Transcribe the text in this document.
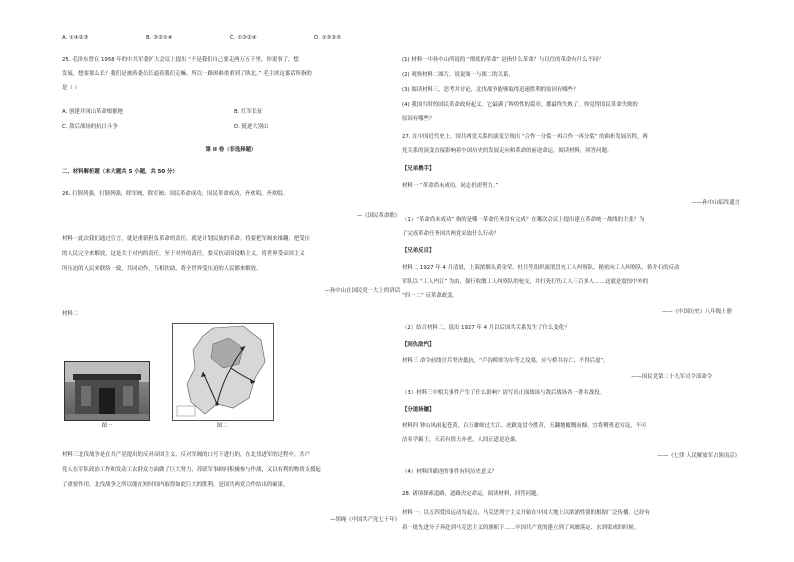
A. ①④②③	B. ③②①④	C. ①③②④	D. ①③②⑤
25. 毛泽东曾在 1958 年的中共军委扩大会议上提出 “不是我们自己要走两万五千里，你说事了，想
发展，想要那么长？我们是被蒋委员长逼着我们走嘛，所以一路困难重重到了陕北。” 毛主席这番话所指的
是（ ）
A. 创建井冈山革命根据地	B. 红军长征
C. 敌后战场的抗日斗争	D. 挺进大别山
第 II 卷（非选择题）
二、材料解析题（本大题共 5 小题，共 50 分）
26. 打倒列强，打倒列强，除军阀，除军阀；国民革命成功，国民革命成功，齐欢唱，齐欢唱。
—《国民革命歌》
材料一此次我们通过宣言，就是重新担负革命的责任，就是计划民族的革命。将要把军阀来推翻，把受压
的人民完全来解放，这是关于对内的责任。至于对外的责任，要反抗帝国侵略主义，将世界受帝国主义
所压迫的人民来联络一致，共同动作，互相扶助，将全世界受压迫的人民都来解放。
—孙中山在国民党一大上的讲话
材料二
图一	图二
材料三北伐战争是在共产党提出的反对帝国主义、反对军阀的口号下进行的，在北伐进军的过程中，共产
党人在军队政治工作和发动工农群众方面做了巨大努力，苏联军事顾问积极参与作战，又以有利的物资支援起
了重要作用。北伐战争之所以能在短时间内取得如此巨大的胜利，是国共两党合作结出的硕果。
—胡绳《中国共产党七十年》
(1) 材料一中孙中山所说的 “彻底的革命” 是指什么革命？与以往的革命有什么不同？
(2) 观察材料二图片，说说图一与图二的关系。
(3) 阅读材料三，思考并讨论，北伐战争能够取得迅速胜利的原因有哪些？
(4) 我国当时的国民革命政府起义，它最满了辉煌性的篇章，都最终失败了。你觉得国民革命失败的
原因有哪些？
27. 在中国近代史上，国共两党关系的演变呈现出 “合作一分裂一再合作一再分裂” 的曲折发展历程，两
党关系的演变直接影响着中国历史的发展走向和革命的前途命运。阅读材料，回答问题。
【兄弟携手】
材料一 “革命尚未成功，同志仍需努力。”
——孙中山临终遗言
（1）“革命尚未成功” 指的是哪一革命任务没有完成？在哪次会议上提出建立革命统一战线的主张？为
了完成革命任务国共两党采取什么行动？
【兄弟反目】
材料二 1927 年 4 月清晨，上海浓烟头黄金荣、杜月笙组织流氓冒充工人纠察队，秘密向工人纠察队，蒋介石的反动
军队以 “工人内讧” 为由，强行收缴工人纠察队的枪支，并打死打伤工人三百多人……这就是震惊中外的
“四一二” 反革命政变。
——《中国历史》八年级上册
（2）结合材料二，说出 1927 年 4 月以后国共关系发生了什么变化？
【同仇敌忾】
材料三 命令前线官兵坚决抵抗，“卢沟桥即为尔等之坟墓，应与桥共存亡，不得后退”。
——国民党第二十九军司令部命令
（3）材料三中相关事件产生了什么影响？请写出正面战场与敌后战场各一著名战役。
【分道扬镳】
材料四 钟山风雨起苍黄，百万雄师过大江。虎踞龙盘今胜昔，天翻地覆慨而慷。宜将剩勇追穷寇，不可
沽名学霸王。天若有情天亦老，人间正道是沧桑。
——《七律 人民解放军占领南京》
（4）材料四描述的事件有何历史意义？
28. 诸项探索道路，道路决定命运。阅读材料，回答问题。
材料一：以五四爱国运动为起点，马克思列宁主义开始在中国大地上以浓浦性强的根据广泛传播，已经有
着一批先进分子奔赴到马克思主义的旗帜下……中国共产党的建立到了风靡落定、水到渠成的时候。
